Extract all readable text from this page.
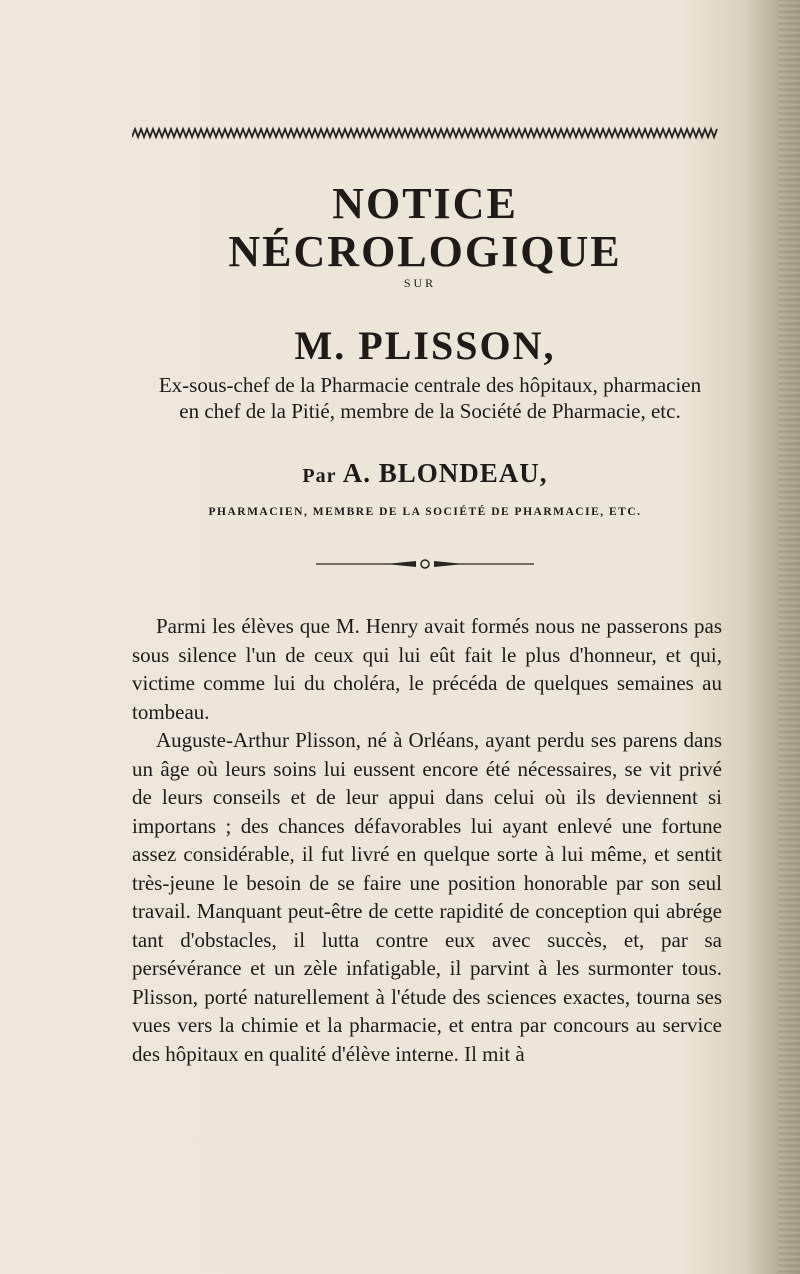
NOTICE NÉCROLOGIQUE
SUR
M. PLISSON,
Ex-sous-chef de la Pharmacie centrale des hôpitaux, pharmacien
en chef de la Pitié, membre de la Société de Pharmacie, etc.
Par A. BLONDEAU,
PHARMACIEN, MEMBRE DE LA SOCIÉTÉ DE PHARMACIE, ETC.

Parmi les élèves que M. Henry avait formés nous ne passerons pas sous silence l'un de ceux qui lui eût fait le plus d'honneur, et qui, victime comme lui du choléra, le précéda de quelques semaines au tombeau.

Auguste-Arthur Plisson, né à Orléans, ayant perdu ses parens dans un âge où leurs soins lui eussent encore été nécessaires, se vit privé de leurs conseils et de leur appui dans celui où ils deviennent si importans ; des chances défavorables lui ayant enlevé une fortune assez considérable, il fut livré en quelque sorte à lui même, et sentit très-jeune le besoin de se faire une position honorable par son seul travail. Manquant peut-être de cette rapidité de conception qui abrége tant d'obstacles, il lutta contre eux avec succès, et, par sa persévérance et un zèle infatigable, il parvint à les surmonter tous. Plisson, porté naturellement à l'étude des sciences exactes, tourna ses vues vers la chimie et la pharmacie, et entra par concours au service des hôpitaux en qualité d'élève interne. Il mit à
